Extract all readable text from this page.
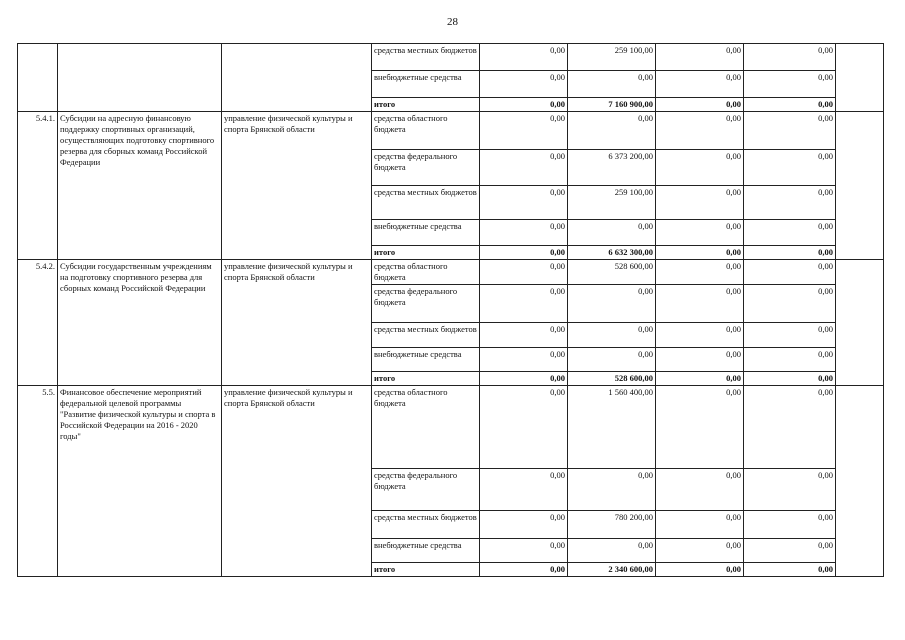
28
			средства местных бюджетов	0,00	259 100,00	0,00	0,00	
			внебюджетные средства	0,00	0,00	0,00	0,00	
			итого	0,00	7 160 900,00	0,00	0,00	
5.4.1.	Субсидии на адресную финансовую поддержку спортивных организаций, осуществляющих подготовку спортивного резерва для сборных команд Российской Федерации	управление физической культуры и спорта Брянской области	средства областного бюджета	0,00	0,00	0,00	0,00	
			средства федерального бюджета	0,00	6 373 200,00	0,00	0,00	
			средства местных бюджетов	0,00	259 100,00	0,00	0,00	
			внебюджетные средства	0,00	0,00	0,00	0,00	
			итого	0,00	6 632 300,00	0,00	0,00	
5.4.2.	Субсидии государственным учреждениям на подготовку спортивного резерва для сборных команд Российской Федерации	управление физической культуры и спорта Брянской области	средства областного бюджета	0,00	528 600,00	0,00	0,00	
			средства федерального бюджета	0,00	0,00	0,00	0,00	
			средства местных бюджетов	0,00	0,00	0,00	0,00	
			внебюджетные средства	0,00	0,00	0,00	0,00	
			итого	0,00	528 600,00	0,00	0,00	
5.5.	Финансовое обеспечение мероприятий федеральной целевой программы "Развитие физической культуры и спорта в Российской Федерации на 2016 - 2020 годы"	управление физической культуры и спорта Брянской области	средства областного бюджета	0,00	1 560 400,00	0,00	0,00	
			средства федерального бюджета	0,00	0,00	0,00	0,00	
			средства местных бюджетов	0,00	780 200,00	0,00	0,00	
			внебюджетные средства	0,00	0,00	0,00	0,00	
			итого	0,00	2 340 600,00	0,00	0,00	
